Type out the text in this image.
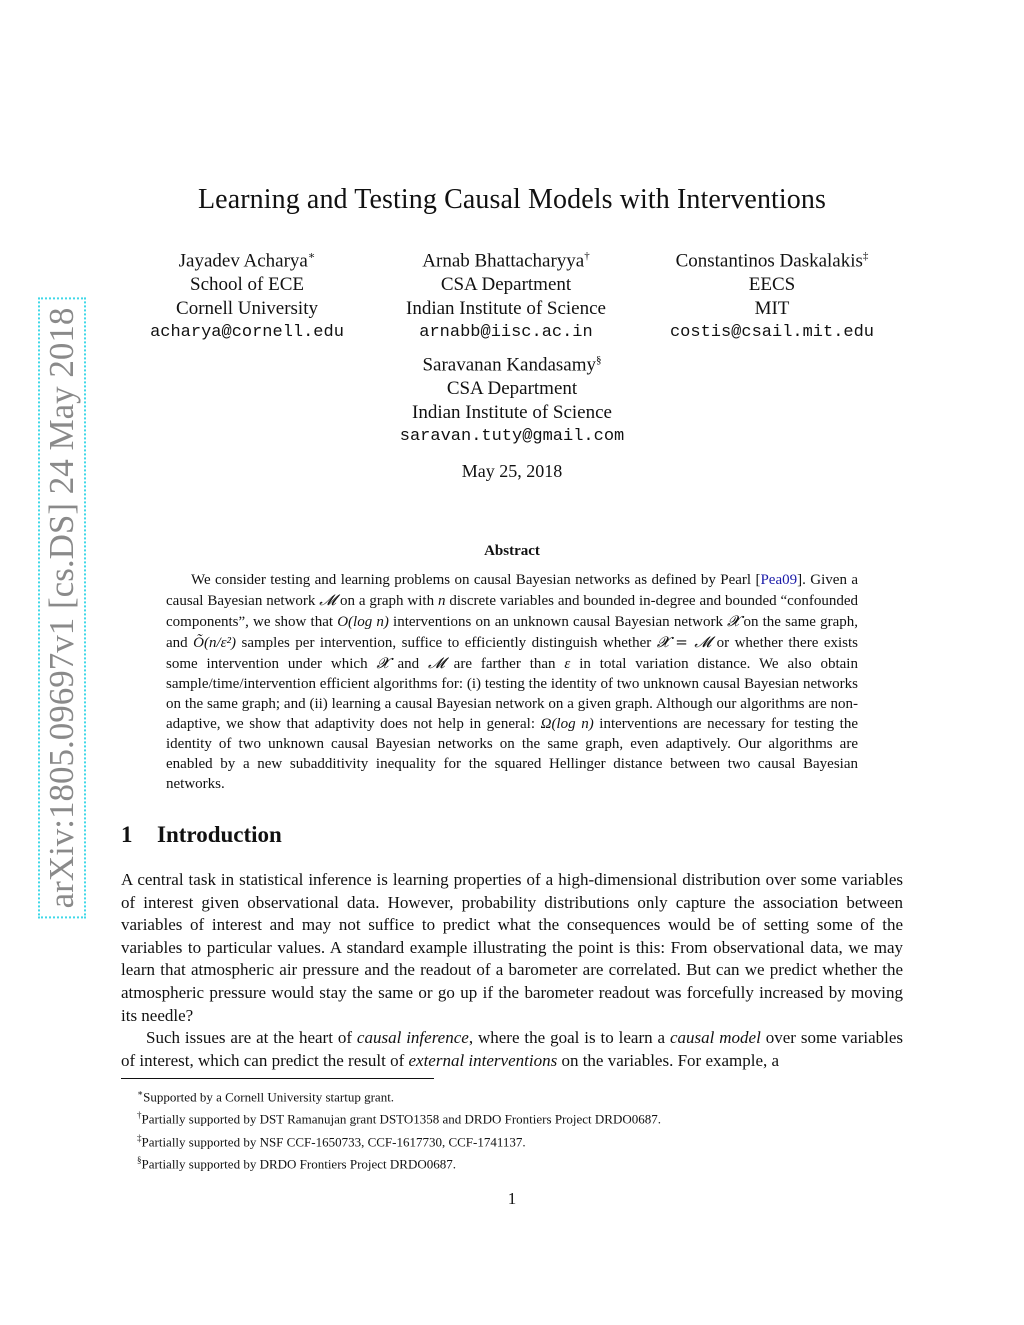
arXiv:1805.09697v1 [cs.DS] 24 May 2018
Learning and Testing Causal Models with Interventions
Jayadev Acharya∗
School of ECE
Cornell University
acharya@cornell.edu
Arnab Bhattacharyya†
CSA Department
Indian Institute of Science
arnabb@iisc.ac.in
Constantinos Daskalakis‡
EECS
MIT
costis@csail.mit.edu
Saravanan Kandasamy§
CSA Department
Indian Institute of Science
saravan.tuty@gmail.com
May 25, 2018
Abstract
We consider testing and learning problems on causal Bayesian networks as defined by Pearl [Pea09]. Given a causal Bayesian network 𝓜 on a graph with n discrete variables and bounded in-degree and bounded “confounded components”, we show that O(log n) interventions on an unknown causal Bayesian network 𝓧 on the same graph, and Õ(n/ε²) samples per intervention, suffice to efficiently distinguish whether 𝓧 = 𝓜 or whether there exists some intervention under which 𝓧 and 𝓜 are farther than ε in total variation distance. We also obtain sample/time/intervention efficient algorithms for: (i) testing the identity of two unknown causal Bayesian networks on the same graph; and (ii) learning a causal Bayesian network on a given graph. Although our algorithms are non-adaptive, we show that adaptivity does not help in general: Ω(log n) interventions are necessary for testing the identity of two unknown causal Bayesian networks on the same graph, even adaptively. Our algorithms are enabled by a new subadditivity inequality for the squared Hellinger distance between two causal Bayesian networks.
1 Introduction

A central task in statistical inference is learning properties of a high-dimensional distribution over some variables of interest given observational data. However, probability distributions only capture the association between variables of interest and may not suffice to predict what the consequences would be of setting some of the variables to particular values. A standard example illustrating the point is this: From observational data, we may learn that atmospheric air pressure and the readout of a barometer are correlated. But can we predict whether the atmospheric pressure would stay the same or go up if the barometer readout was forcefully increased by moving its needle?

Such issues are at the heart of causal inference, where the goal is to learn a causal model over some variables of interest, which can predict the result of external interventions on the variables. For example, a

∗Supported by a Cornell University startup grant.
†Partially supported by DST Ramanujan grant DSTO1358 and DRDO Frontiers Project DRDO0687.
‡Partially supported by NSF CCF-1650733, CCF-1617730, CCF-1741137.
§Partially supported by DRDO Frontiers Project DRDO0687.
1
